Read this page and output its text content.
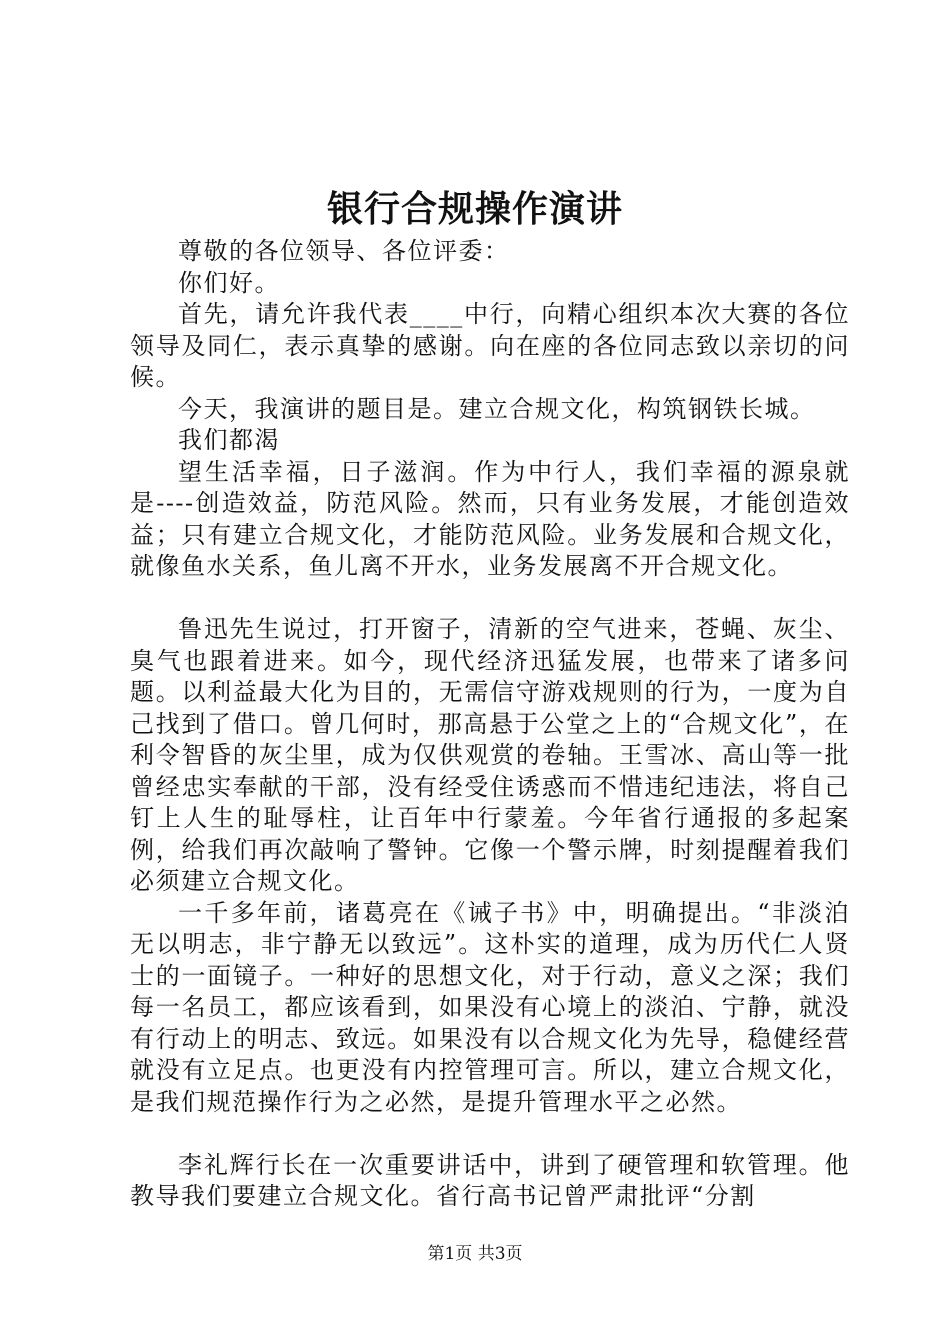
银行合规操作演讲

尊敬的各位领导、各位评委：

你们好。

首先，请允许我代表____中行，向精心组织本次大赛的各位领导及同仁，表示真挚的感谢。向在座的各位同志致以亲切的问候。

今天，我演讲的题目是。建立合规文化，构筑钢铁长城。

我们都渴

望生活幸福，日子滋润。作为中行人，我们幸福的源泉就是----创造效益，防范风险。然而，只有业务发展，才能创造效益；只有建立合规文化，才能防范风险。业务发展和合规文化，就像鱼水关系，鱼儿离不开水，业务发展离不开合规文化。

鲁迅先生说过，打开窗子，清新的空气进来，苍蝇、灰尘、臭气也跟着进来。如今，现代经济迅猛发展，也带来了诸多问题。以利益最大化为目的，无需信守游戏规则的行为，一度为自己找到了借口。曾几何时，那高悬于公堂之上的“合规文化”，在利令智昏的灰尘里，成为仅供观赏的卷轴。王雪冰、高山等一批曾经忠实奉献的干部，没有经受住诱惑而不惜违纪违法，将自己钉上人生的耻辱柱，让百年中行蒙羞。今年省行通报的多起案例，给我们再次敲响了警钟。它像一个警示牌，时刻提醒着我们必须建立合规文化。

一千多年前，诸葛亮在《诫子书》中，明确提出。“非淡泊无以明志，非宁静无以致远”。这朴实的道理，成为历代仁人贤士的一面镜子。一种好的思想文化，对于行动，意义之深；我们每一名员工，都应该看到，如果没有心境上的淡泊、宁静，就没有行动上的明志、致远。如果没有以合规文化为先导，稳健经营就没有立足点。也更没有内控管理可言。所以，建立合规文化，是我们规范操作行为之必然，是提升管理水平之必然。

李礼辉行长在一次重要讲话中，讲到了硬管理和软管理。他教导我们要建立合规文化。省行高书记曾严肃批评“分割

第1页 共3页
